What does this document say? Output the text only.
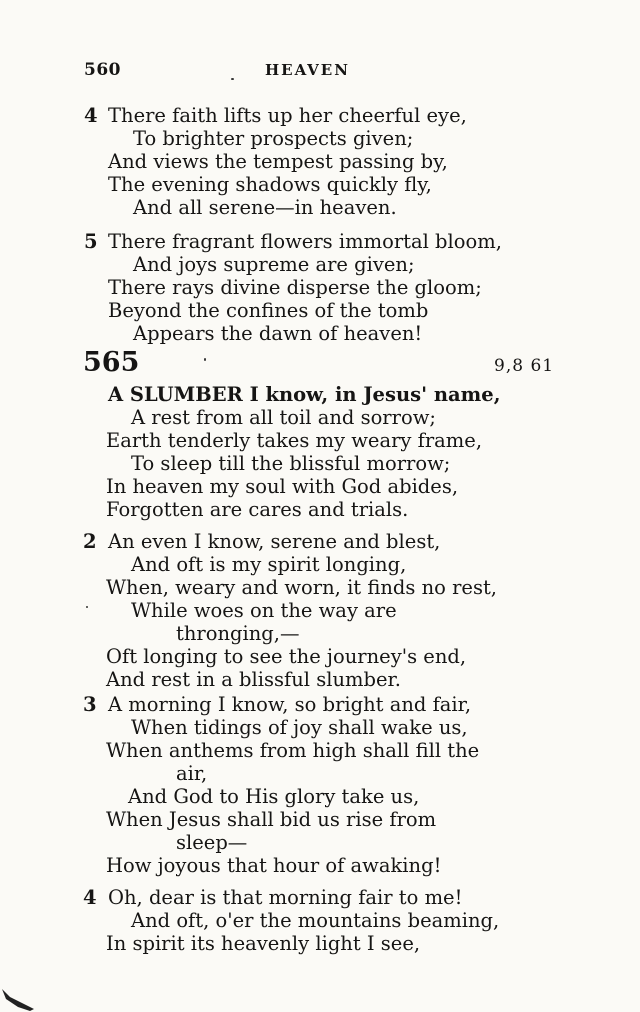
560	HEAVEN
4 There faith lifts up her cheerful eye,
To brighter prospects given;
And views the tempest passing by,
The evening shadows quickly fly,
And all serene—in heaven.
5 There fragrant flowers immortal bloom,
And joys supreme are given;
There rays divine disperse the gloom;
Beyond the confines of the tomb
Appears the dawn of heaven!
565	9,8 61
A SLUMBER I know, in Jesus' name,
A rest from all toil and sorrow;
Earth tenderly takes my weary frame,
To sleep till the blissful morrow;
In heaven my soul with God abides,
Forgotten are cares and trials.
2 An even I know, serene and blest,
And oft is my spirit longing,
When, weary and worn, it finds no rest,
While woes on the way are
thronging,—
Oft longing to see the journey's end,
And rest in a blissful slumber.
3 A morning I know, so bright and fair,
When tidings of joy shall wake us,
When anthems from high shall fill the
air,
And God to His glory take us,
When Jesus shall bid us rise from
sleep—
How joyous that hour of awaking!
4 Oh, dear is that morning fair to me!
And oft, o'er the mountains beaming,
In spirit its heavenly light I see,
